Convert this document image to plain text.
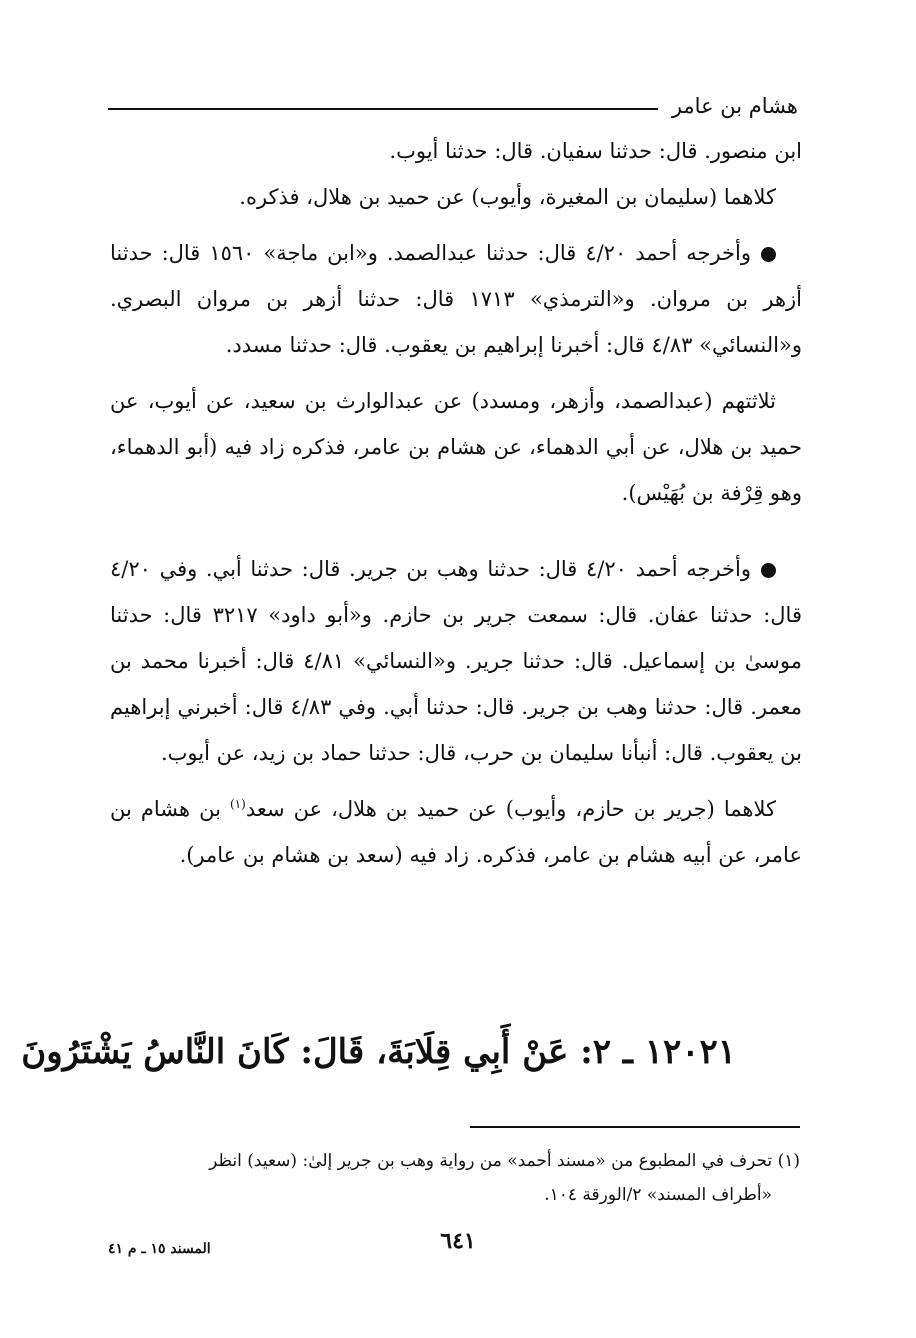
هشام بن عامر

ابن منصور. قال: حدثنا سفيان. قال: حدثنا أيوب.

كلاهما (سليمان بن المغيرة، وأيوب) عن حميد بن هلال، فذكره.

وأخرجه أحمد ٤/٢٠ قال: حدثنا عبدالصمد. و«ابن ماجة» ١٥٦٠ قال: حدثنا أزهر بن مروان. و«الترمذي» ١٧١٣ قال: حدثنا أزهر بن مروان البصري. و«النسائي» ٤/٨٣ قال: أخبرنا إبراهيم بن يعقوب. قال: حدثنا مسدد.

ثلاثتهم (عبدالصمد، وأزهر، ومسدد) عن عبدالوارث بن سعيد، عن أيوب، عن حميد بن هلال، عن أبي الدهماء، عن هشام بن عامر، فذكره زاد فيه (أبو الدهماء، وهو قِرْفة بن بُهَيْس).

وأخرجه أحمد ٤/٢٠ قال: حدثنا وهب بن جرير. قال: حدثنا أبي. وفي ٤/٢٠ قال: حدثنا عفان. قال: سمعت جرير بن حازم. و«أبو داود» ٣٢١٧ قال: حدثنا موسىٰ بن إسماعيل. قال: حدثنا جرير. و«النسائي» ٤/٨١ قال: أخبرنا محمد بن معمر. قال: حدثنا وهب بن جرير. قال: حدثنا أبي. وفي ٤/٨٣ قال: أخبرني إبراهيم بن يعقوب. قال: أنبأنا سليمان بن حرب، قال: حدثنا حماد بن زيد، عن أيوب.

كلاهما (جرير بن حازم، وأيوب) عن حميد بن هلال، عن سعد$^{(١)}$ بن هشام بن عامر، عن أبيه هشام بن عامر، فذكره. زاد فيه (سعد بن هشام بن عامر).

١٢٠٢١ ـ ٢: عَنْ أَبِي قِلَابَةَ، قَالَ: كَانَ النَّاسُ يَشْتَرُونَ
(١) تحرف في المطبوع من «مسند أحمد» من رواية وهب بن جرير إلىٰ: (سعيد) انظر
«أطراف المسند» ٢/الورقة ١٠٤.
٦٤١
المسند ١٥ ـ م ٤١
